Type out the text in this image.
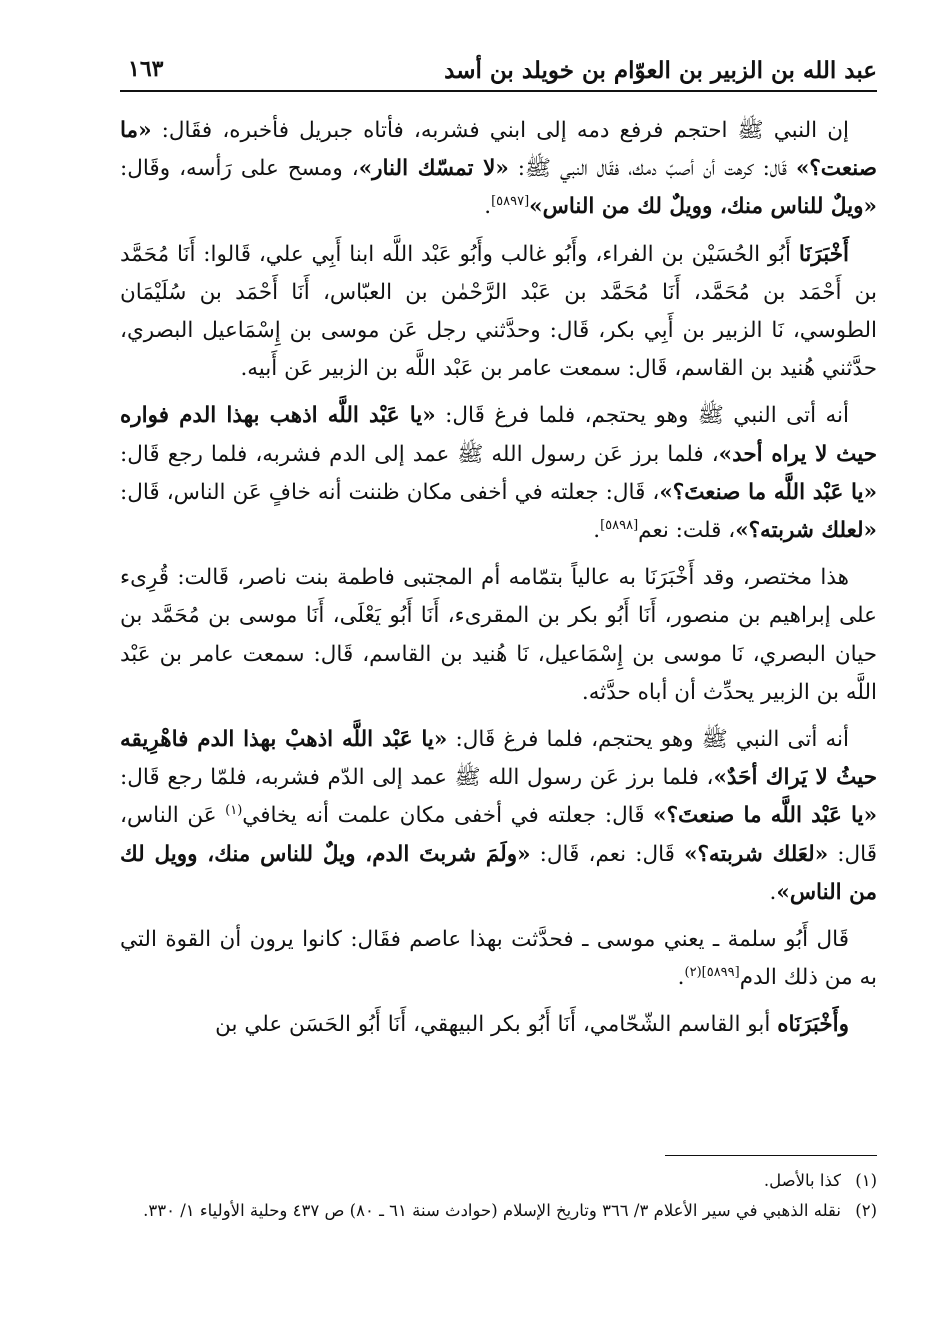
عبد الله بن الزبير بن العوّام بن خويلد بن أسد
١٦٣

إن النبي ﷺ احتجم فرفع دمه إلى ابني فشربه، فأتاه جبريل فأخبره، فقَال: «ما صنعت؟» قَال: كرهت أن أصبّ دمك، فقَال النبي ﷺ: «لا تمسّك النار»، ومسح على رَأسه، وقَال: «ويلٌ للناس منك، وويلٌ لك من الناس»[٥٨٩٧].

أَخْبَرَنَا أَبُو الحُسَيْن بن الفراء، وأَبُو غالب وأَبُو عَبْد اللَّه ابنا أَبِي علي، قَالوا: أَنَا مُحَمَّد بن أَحْمَد بن مُحَمَّد، أَنَا مُحَمَّد بن عَبْد الرَّحْمٰن بن العبّاس، أَنَا أَحْمَد بن سُلَيْمَان الطوسي، نَا الزبير بن أَبِي بكر، قَال: وحدَّثني رجل عَن موسى بن إِسْمَاعيل البصري، حدَّثني هُنيد بن القاسم، قَال: سمعت عامر بن عَبْد اللَّه بن الزبير عَن أَبيه.

أنه أتى النبي ﷺ وهو يحتجم، فلما فرغ قَال: «يا عَبْد اللَّه اذهب بهذا الدم فواره حيث لا يراه أحد»، فلما برز عَن رسول الله ﷺ عمد إلى الدم فشربه، فلما رجع قَال: «يا عَبْد اللَّه ما صنعتَ؟»، قَال: جعلته في أخفى مكان ظننت أنه خافٍ عَن الناس، قَال: «لعلك شربته؟»، قلت: نعم[٥٨٩٨].

هذا مختصر، وقد أَخْبَرَنَا به عالياً بتمّامه أم المجتبى فاطمة بنت ناصر، قَالت: قُرِىء على إبراهيم بن منصور، أَنَا أَبُو بكر بن المقرىء، أَنَا أَبُو يَعْلَى، أَنَا موسى بن مُحَمَّد بن حيان البصري، نَا موسى بن إِسْمَاعيل، نَا هُنيد بن القاسم، قَال: سمعت عامر بن عَبْد اللَّه بن الزبير يحدِّث أن أباه حدَّثه.

أنه أتى النبي ﷺ وهو يحتجم، فلما فرغ قَال: «يا عَبْد اللَّه اذهبْ بهذا الدم فاهْرِيقه حيثُ لا يَراك أحَدٌ»، فلما برز عَن رسول الله ﷺ عمد إلى الدّم فشربه، فلمّا رجع قَال: «يا عَبْد اللَّه ما صنعتَ؟» قَال: جعلته في أخفى مكان علمت أنه يخافي$^{(١)}$ عَن الناس، قَال: «لعَلك شربته؟» قَال: نعم، قَال: «ولَمَ شربتَ الدم، ويلٌ للناس منك، وويل لك من الناس».

قَال أَبُو سلمة ـ يعني موسى ـ فحدَّثت بهذا عاصم فقَال: كانوا يرون أن القوة التي به من ذلك الدم$^{(٢)[٥٨٩٩]}$.

وأَخْبَرَنَاه أبو القاسم الشّحّامي، أَنَا أَبُو بكر البيهقي، أَنَا أَبُو الحَسَن علي بن

(١)كذا بالأصل.

(٢)نقله الذهبي في سير الأعلام ٣/ ٣٦٦ وتاريخ الإسلام (حوادث سنة ٦١ ـ ٨٠) ص ٤٣٧ وحلية الأولياء ١/ ٣٣٠.
